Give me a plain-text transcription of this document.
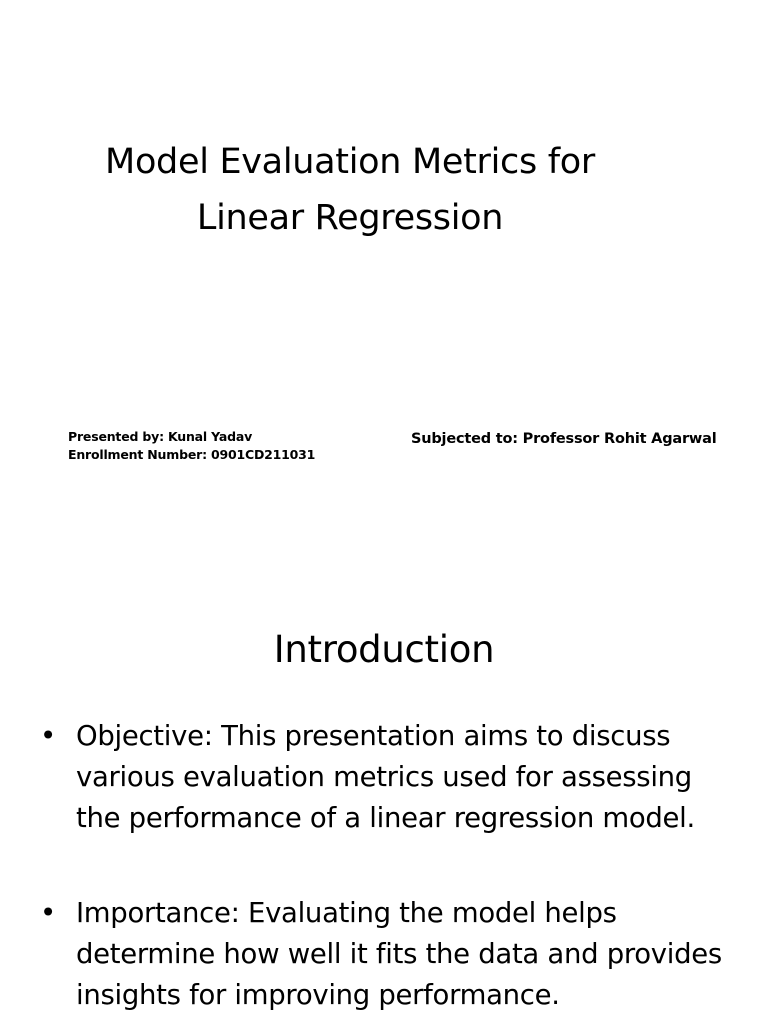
Model Evaluation Metrics for
Linear Regression
Presented by: Kunal Yadav
Enrollment Number: 0901CD211031
Subjected to: Professor Rohit Agarwal
Introduction
• Objective: This presentation aims to discuss various evaluation metrics used for assessing the performance of a linear regression model.
• Importance: Evaluating the model helps determine how well it fits the data and provides insights for improving performance.
